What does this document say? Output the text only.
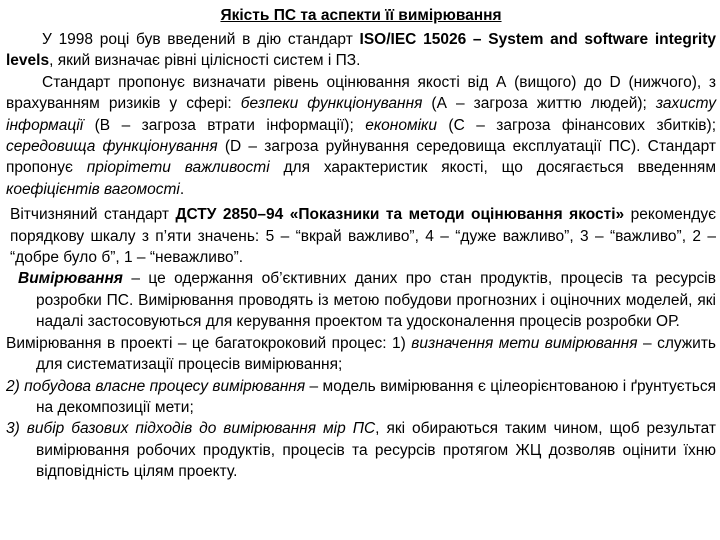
Якість ПС та аспекти її вимірювання

У 1998 році був введений в дію стандарт ISO/IEC 15026 – System and software integrity levels, який визначає рівні цілісності систем і ПЗ.

Стандарт пропонує визначати рівень оцінювання якості від А (вищого) до D (нижчого), з врахуванням ризиків у сфері: безпеки функціонування (А – загроза життю людей); захисту інформації (В – загроза втрати інформації); економіки (С – загроза фінансових збитків); середовища функціонування (D – загроза руйнування середовища експлуатації ПС). Стандарт пропонує пріорітети важливості для характеристик якості, що досягається введенням коефіцієнтів вагомості.

Вітчизняний стандарт ДСТУ 2850–94 «Показники та методи оцінювання якості» рекомендує порядкову шкалу з п’яти значень: 5 – “вкрай важливо”, 4 – “дуже важливо”, 3 – “важливо”, 2 – “добре було б”, 1 – “неважливо”.

Вимірювання – це одержання об’єктивних даних про стан продуктів, процесів та ресурсів розробки ПС. Вимірювання проводять із метою побудови прогнозних і оціночних моделей, які надалі застосовуються для керування проектом та удосконалення процесів розробки ОР.

Вимірювання в проекті – це багатокроковий процес: 1) визначення мети вимірювання – служить для систематизації процесів вимірювання;

2) побудова власне процесу вимірювання – модель вимірювання є цілеорієнтованою і ґрунтується на декомпозиції мети;

3) вибір базових підходів до вимірювання мір ПС, які обираються таким чином, щоб результат вимірювання робочих продуктів, процесів та ресурсів протягом ЖЦ дозволяв оцінити їхню відповідність цілям проекту.
